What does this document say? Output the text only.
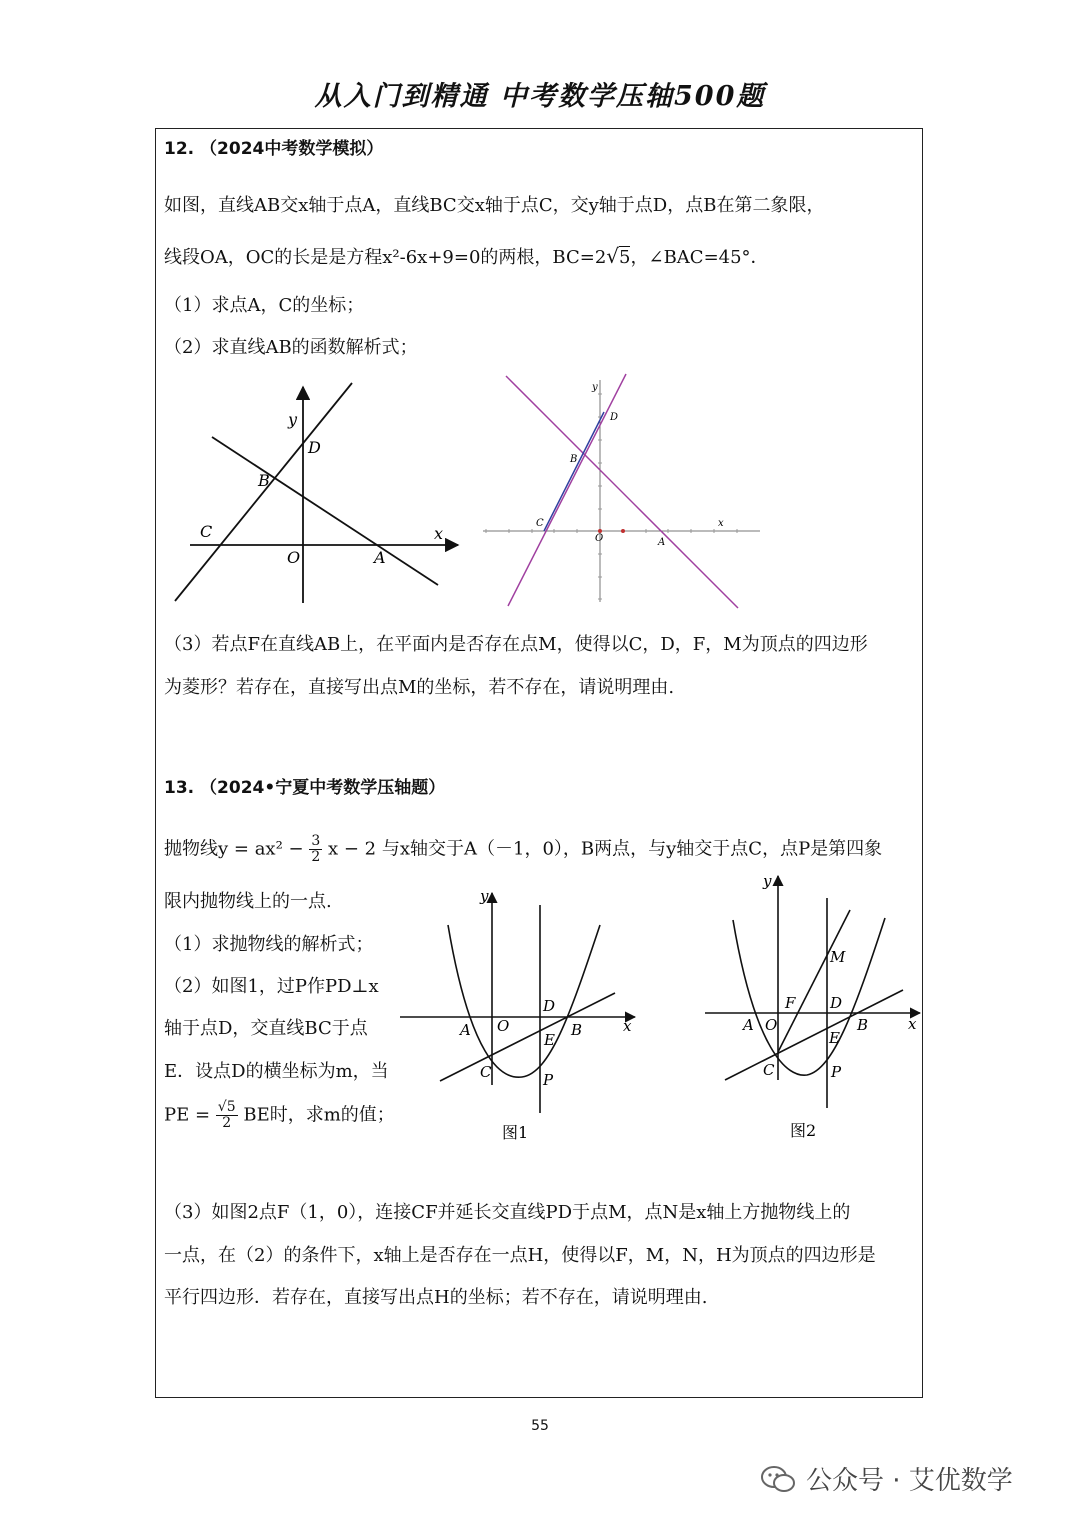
从入门到精通 中考数学压轴500题
12. （2024中考数学模拟）
如图，直线AB交x轴于点A，直线BC交x轴于点C，交y轴于点D，点B在第二象限，
线段OA，OC的长是是方程x²-6x+9=0的两根，BC=2√5，∠BAC=45°．
（1）求点A，C的坐标；
（2）求直线AB的函数解析式；
y
D
B
C	x
O	A
y
D
B
C
O	A
x
（3）若点F在直线AB上，在平面内是否存在点M，使得以C，D，F，M为顶点的四边形
为菱形？若存在，直接写出点M的坐标，若不存在，请说明理由.
13. （2024•宁夏中考数学压轴题）
抛物线$y = ax^2 - \frac{3}{2}$ x − 2 与x轴交于A（－1，0），B两点，与y轴交于点C，点P是第四象
限内抛物线上的一点.
（1）求抛物线的解析式；
（2）如图1，过P作PD⊥x
轴于点D，交直线BC于点
E．设点D的横坐标为m，当
PE = $\frac{√5}{2}$ BE时，求m的值；
y
x
A O
D
B
E
C	P
图1
y
x
M
F D
A O	B
E
C	P
图2
（3）如图2点F（1，0），连接CF并延长交直线PD于点M，点N是x轴上方抛物线上的
一点，在（2）的条件下，x轴上是否存在一点H，使得以F，M，N，H为顶点的四边形是
平行四边形．若存在，直接写出点H的坐标；若不存在，请说明理由.
55
公众号 · 艾优数学
